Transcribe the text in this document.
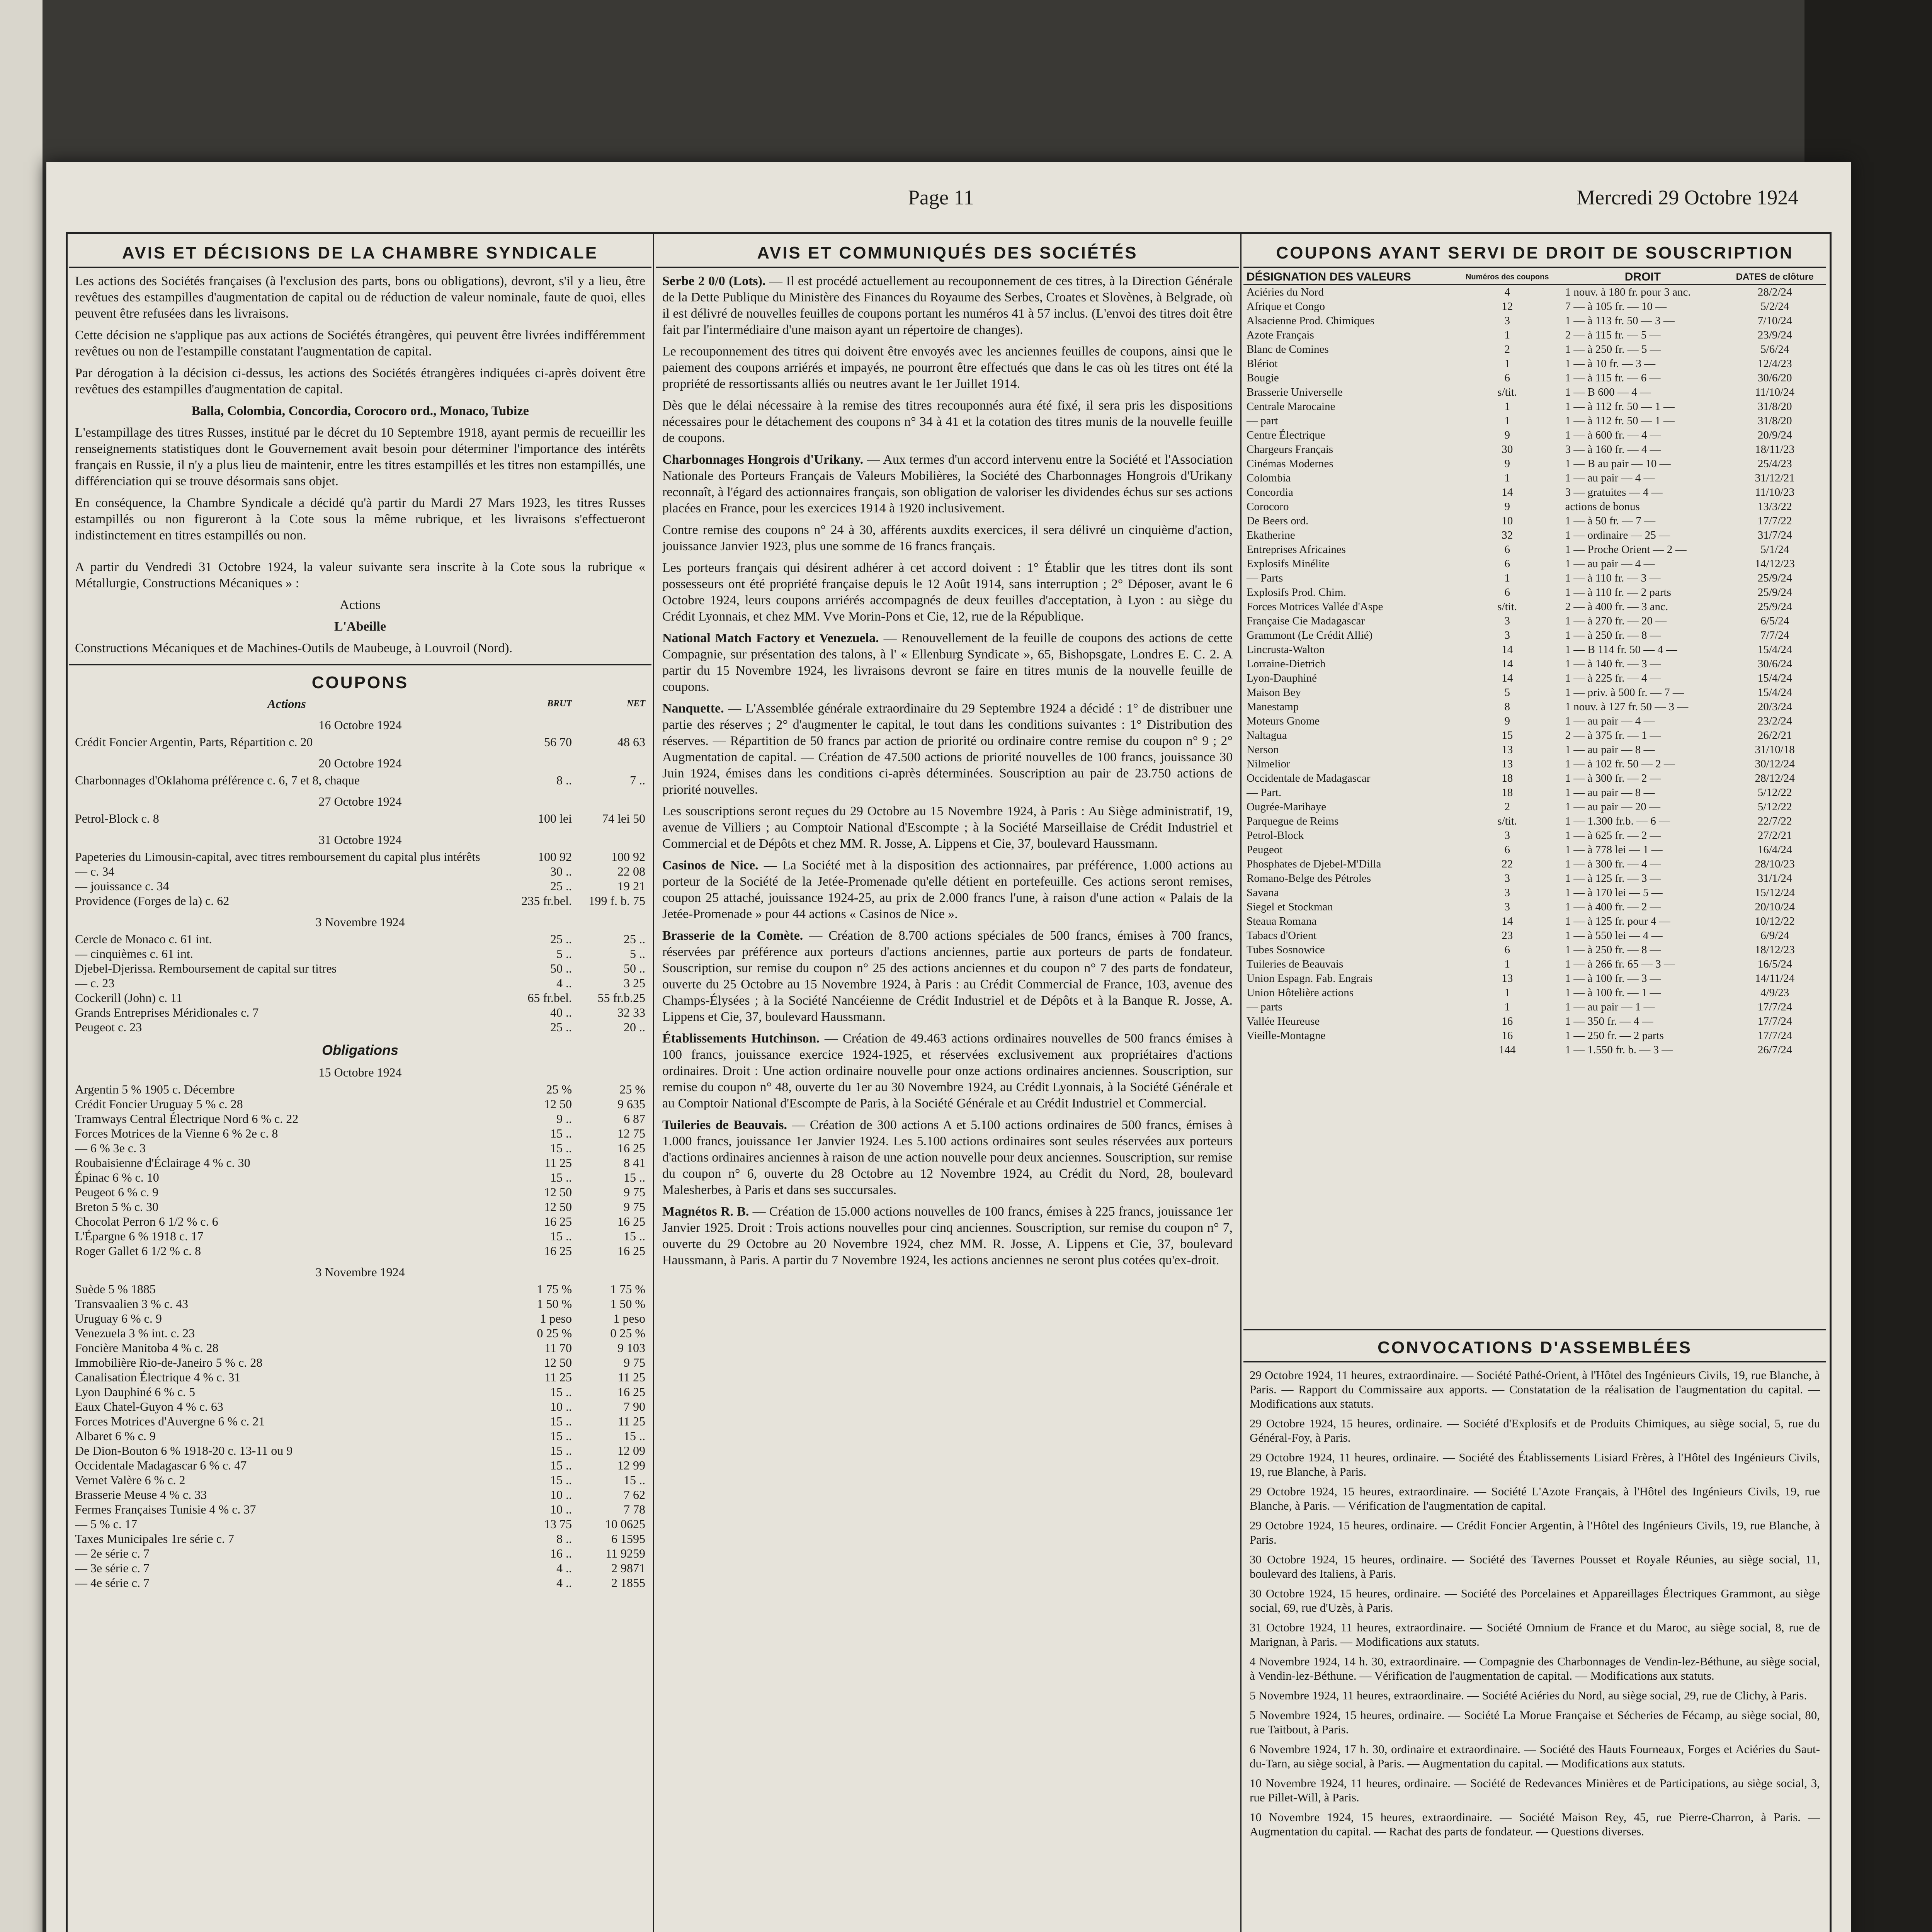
Page 11	Mercredi 29 Octobre 1924
AVIS ET DÉCISIONS DE LA CHAMBRE SYNDICALE
Les actions des Sociétés françaises (à l'exclusion des parts, bons ou obligations), devront, s'il y a lieu, être revêtues des estampilles d'augmentation de capital ou de réduction de valeur nominale, faute de quoi, elles peuvent être refusées dans les livraisons.
Cette décision ne s'applique pas aux actions de Sociétés étrangères, qui peuvent être livrées indifféremment revêtues ou non de l'estampille constatant l'augmentation de capital.
Par dérogation à la décision ci-dessus, les actions des Sociétés étrangères indiquées ci-après doivent être revêtues des estampilles d'augmentation de capital.
Balla, Colombia, Concordia, Corocoro ord., Monaco, Tubize
L'estampillage des titres Russes, institué par le décret du 10 Septembre 1918, ayant permis de recueillir les renseignements statistiques dont le Gouvernement avait besoin pour déterminer l'importance des intérêts français en Russie, il n'y a plus lieu de maintenir, entre les titres estampillés et les titres non estampillés, une différenciation qui se trouve désormais sans objet.
En conséquence, la Chambre Syndicale a décidé qu'à partir du Mardi 27 Mars 1923, les titres Russes estampillés ou non figureront à la Cote sous la même rubrique, et les livraisons s'effectueront indistinctement en titres estampillés ou non.
A partir du Vendredi 31 Octobre 1924, la valeur suivante sera inscrite à la Cote sous la rubrique « Métallurgie, Constructions Mécaniques » :
Actions
L'Abeille
Constructions Mécaniques et de Machines-Outils de Maubeuge, à Louvroil (Nord).
COUPONS
Actions	BRUT	NET
16 Octobre 1924
Crédit Foncier Argentin, Parts, Répartition c. 20	56 70	48 63
20 Octobre 1924
Charbonnages d'Oklahoma préférence c. 6, 7 et 8, chaque	8 ..	7 ..
27 Octobre 1924
Petrol-Block c. 8	100 lei	74 lei 50
31 Octobre 1924
Papeteries du Limousin-capital, avec titres remboursement du capital plus intérêts	100 92	100 92
— c. 34	30 ..	22 08
— jouissance c. 34	25 ..	19 21
Providence (Forges de la) c. 62	235 fr.bel.	199 f. b. 75
3 Novembre 1924
Cercle de Monaco c. 61 int.	25 ..	25 ..
— cinquièmes c. 61 int.	5 ..	5 ..
Djebel-Djerissa. Remboursement de capital sur titres	50 ..	50 ..
— c. 23	4 ..	3 25
Cockerill (John) c. 11	65 fr.bel.	55 fr.b.25
Grands Entreprises Méridionales c. 7	40 ..	32 33
Peugeot c. 23	25 ..	20 ..
Obligations
15 Octobre 1924
Argentin 5 % 1905 c. Décembre	25 %	25 %
Crédit Foncier Uruguay 5 % c. 28	12 50	9 635
Tramways Central Électrique Nord 6 % c. 22	9 ..	6 87
Forces Motrices de la Vienne 6 % 2e c. 8	15 ..	12 75
— 6 % 3e c. 3	15 ..	16 25
Roubaisienne d'Éclairage 4 % c. 30	11 25	8 41
Épinac 6 % c. 10	15 ..	15 ..
Peugeot 6 % c. 9	12 50	9 75
Breton 5 % c. 30	12 50	9 75
Chocolat Perron 6 1/2 % c. 6	16 25	16 25
L'Épargne 6 % 1918 c. 17	15 ..	15 ..
Roger Gallet 6 1/2 % c. 8	16 25	16 25
3 Novembre 1924
Suède 5 % 1885	1 75 %	1 75 %
Transvaalien 3 % c. 43	1 50 %	1 50 %
Uruguay 6 % c. 9	1 peso	1 peso
Venezuela 3 % int. c. 23	0 25 %	0 25 %
Foncière Manitoba 4 % c. 28	11 70	9 103
Immobilière Rio-de-Janeiro 5 % c. 28	12 50	9 75
Canalisation Électrique 4 % c. 31	11 25	11 25
Lyon Dauphiné 6 % c. 5	15 ..	16 25
Eaux Chatel-Guyon 4 % c. 63	10 ..	7 90
Forces Motrices d'Auvergne 6 % c. 21	15 ..	11 25
Albaret 6 % c. 9	15 ..	15 ..
De Dion-Bouton 6 % 1918-20 c. 13-11 ou 9	15 ..	12 09
Occidentale Madagascar 6 % c. 47	15 ..	12 99
Vernet Valère 6 % c. 2	15 ..	15 ..
Brasserie Meuse 4 % c. 33	10 ..	7 62
Fermes Françaises Tunisie 4 % c. 37	10 ..	7 78
— 5 % c. 17	13 75	10 0625
Taxes Municipales 1re série c. 7	8 ..	6 1595
— 2e série c. 7	16 ..	11 9259
— 3e série c. 7	4 ..	2 9871
— 4e série c. 7	4 ..	2 1855
AVIS ET COMMUNIQUÉS DES SOCIÉTÉS
Serbe 2 0/0 (Lots). — Il est procédé actuellement au recouponnement de ces titres, à la Direction Générale de la Dette Publique du Ministère des Finances du Royaume des Serbes, Croates et Slovènes, à Belgrade, où il est délivré de nouvelles feuilles de coupons portant les numéros 41 à 57 inclus. (L'envoi des titres doit être fait par l'intermédiaire d'une maison ayant un répertoire de changes).
Le recouponnement des titres qui doivent être envoyés avec les anciennes feuilles de coupons, ainsi que le paiement des coupons arriérés et impayés, ne pourront être effectués que dans le cas où les titres ont été la propriété de ressortissants alliés ou neutres avant le 1er Juillet 1914.
Dès que le délai nécessaire à la remise des titres recouponnés aura été fixé, il sera pris les dispositions nécessaires pour le détachement des coupons n° 34 à 41 et la cotation des titres munis de la nouvelle feuille de coupons.
Charbonnages Hongrois d'Urikany. — Aux termes d'un accord intervenu entre la Société et l'Association Nationale des Porteurs Français de Valeurs Mobilières, la Société des Charbonnages Hongrois d'Urikany reconnaît, à l'égard des actionnaires français, son obligation de valoriser les dividendes échus sur ses actions placées en France, pour les exercices 1914 à 1920 inclusivement.
Contre remise des coupons n° 24 à 30, afférents auxdits exercices, il sera délivré un cinquième d'action, jouissance Janvier 1923, plus une somme de 16 francs français.
Les porteurs français qui désirent adhérer à cet accord doivent : 1° Établir que les titres dont ils sont possesseurs ont été propriété française depuis le 12 Août 1914, sans interruption ; 2° Déposer, avant le 6 Octobre 1924, leurs coupons arriérés accompagnés de deux feuilles d'acceptation, à Lyon : au siège du Crédit Lyonnais, et chez MM. Vve Morin-Pons et Cie, 12, rue de la République.
National Match Factory et Venezuela. — Renouvellement de la feuille de coupons des actions de cette Compagnie, sur présentation des talons, à l' « Ellenburg Syndicate », 65, Bishopsgate, Londres E. C. 2. A partir du 15 Novembre 1924, les livraisons devront se faire en titres munis de la nouvelle feuille de coupons.
Nanquette. — L'Assemblée générale extraordinaire du 29 Septembre 1924 a décidé : 1° de distribuer une partie des réserves ; 2° d'augmenter le capital, le tout dans les conditions suivantes : 1° Distribution des réserves. — Répartition de 50 francs par action de priorité ou ordinaire contre remise du coupon n° 9 ; 2° Augmentation de capital. — Création de 47.500 actions de priorité nouvelles de 100 francs, jouissance 30 Juin 1924, émises dans les conditions ci-après déterminées. Souscription au pair de 23.750 actions de priorité nouvelles.
Les souscriptions seront reçues du 29 Octobre au 15 Novembre 1924, à Paris : Au Siège administratif, 19, avenue de Villiers ; au Comptoir National d'Escompte ; à la Société Marseillaise de Crédit Industriel et Commercial et de Dépôts et chez MM. R. Josse, A. Lippens et Cie, 37, boulevard Haussmann.
Casinos de Nice. — La Société met à la disposition des actionnaires, par préférence, 1.000 actions au porteur de la Société de la Jetée-Promenade qu'elle détient en portefeuille. Ces actions seront remises, coupon 25 attaché, jouissance 1924-25, au prix de 2.000 francs l'une, à raison d'une action « Palais de la Jetée-Promenade » pour 44 actions « Casinos de Nice ».
Brasserie de la Comète. — Création de 8.700 actions spéciales de 500 francs, émises à 700 francs, réservées par préférence aux porteurs d'actions anciennes, partie aux porteurs de parts de fondateur. Souscription, sur remise du coupon n° 25 des actions anciennes et du coupon n° 7 des parts de fondateur, ouverte du 25 Octobre au 15 Novembre 1924, à Paris : au Crédit Commercial de France, 103, avenue des Champs-Élysées ; à la Société Nancéienne de Crédit Industriel et de Dépôts et à la Banque R. Josse, A. Lippens et Cie, 37, boulevard Haussmann.
Établissements Hutchinson. — Création de 49.463 actions ordinaires nouvelles de 500 francs émises à 100 francs, jouissance exercice 1924-1925, et réservées exclusivement aux propriétaires d'actions ordinaires. Droit : Une action ordinaire nouvelle pour onze actions ordinaires anciennes. Souscription, sur remise du coupon n° 48, ouverte du 1er au 30 Novembre 1924, au Crédit Lyonnais, à la Société Générale et au Comptoir National d'Escompte de Paris, à la Société Générale et au Crédit Industriel et Commercial.
Tuileries de Beauvais. — Création de 300 actions A et 5.100 actions ordinaires de 500 francs, émises à 1.000 francs, jouissance 1er Janvier 1924. Les 5.100 actions ordinaires sont seules réservées aux porteurs d'actions ordinaires anciennes à raison de une action nouvelle pour deux anciennes. Souscription, sur remise du coupon n° 6, ouverte du 28 Octobre au 12 Novembre 1924, au Crédit du Nord, 28, boulevard Malesherbes, à Paris et dans ses succursales.
Magnétos R. B. — Création de 15.000 actions nouvelles de 100 francs, émises à 225 francs, jouissance 1er Janvier 1925. Droit : Trois actions nouvelles pour cinq anciennes. Souscription, sur remise du coupon n° 7, ouverte du 29 Octobre au 20 Novembre 1924, chez MM. R. Josse, A. Lippens et Cie, 37, boulevard Haussmann, à Paris. A partir du 7 Novembre 1924, les actions anciennes ne seront plus cotées qu'ex-droit.
COUPONS AYANT SERVI DE DROIT DE SOUSCRIPTION
DÉSIGNATION DES VALEURS	Numéros des coupons	DROIT	DATES de clôture
Aciéries du Nord	4	1 nouv. à 180 fr. pour 3 anc.	28/2/24
Afrique et Congo	12	7 — à 105 fr. — 10 —	5/2/24
Alsacienne Prod. Chimiques	3	1 — à 113 fr. 50 — 3 —	7/10/24
Azote Français	1	2 — à 115 fr. — 5 —	23/9/24
Blanc de Comines	2	1 — à 250 fr. — 5 —	5/6/24
Blériot	1	1 — à 10 fr. — 3 —	12/4/23
Bougie	6	1 — à 115 fr. — 6 —	30/6/20
Brasserie Universelle	s/tit.	1 — B 600 — 4 —	11/10/24
Centrale Marocaine	1	1 — à 112 fr. 50 — 1 —	31/8/20
— part	1	1 — à 112 fr. 50 — 1 —	31/8/20
Centre Électrique	9	1 — à 600 fr. — 4 —	20/9/24
Chargeurs Français	30	3 — à 160 fr. — 4 —	18/11/23
Cinémas Modernes	9	1 — B au pair — 10 —	25/4/23
Colombia	1	1 — au pair — 4 —	31/12/21
Concordia	14	3 — gratuites — 4 —	11/10/23
Corocoro	9	actions de bonus	13/3/22
De Beers ord.	10	1 — à 50 fr. — 7 —	17/7/22
Ekatherine	32	1 — ordinaire — 25 —	31/7/24
Entreprises Africaines	6	1 — Proche Orient — 2 —	5/1/24
Explosifs Minélite	6	1 — au pair — 4 —	14/12/23
— Parts	1	1 — à 110 fr. — 3 —	25/9/24
Explosifs Prod. Chim.	6	1 — à 110 fr. — 2 parts	25/9/24
Forces Motrices Vallée d'Aspe	s/tit.	2 — à 400 fr. — 3 anc.	25/9/24
Française Cie Madagascar	3	1 — à 270 fr. — 20 —	6/5/24
Grammont (Le Crédit Allié)	3	1 — à 250 fr. — 8 —	7/7/24
Lincrusta-Walton	14	1 — B 114 fr. 50 — 4 —	15/4/24
Lorraine-Dietrich	14	1 — à 140 fr. — 3 —	30/6/24
Lyon-Dauphiné	14	1 — à 225 fr. — 4 —	15/4/24
Maison Bey	5	1 — priv. à 500 fr. — 7 —	15/4/24
Manestamp	8	1 nouv. à 127 fr. 50 — 3 —	20/3/24
Moteurs Gnome	9	1 — au pair — 4 —	23/2/24
Naltagua	15	2 — à 375 fr. — 1 —	26/2/21
Nerson	13	1 — au pair — 8 —	31/10/18
Nilmelior	13	1 — à 102 fr. 50 — 2 —	30/12/24
Occidentale de Madagascar	18	1 — à 300 fr. — 2 —	28/12/24
— Part.	18	1 — au pair — 8 —	5/12/22
Ougrée-Marihaye	2	1 — au pair — 20 —	5/12/22
Parquegue de Reims	s/tit.	1 — 1.300 fr.b. — 6 —	22/7/22
Petrol-Block	3	1 — à 625 fr. — 2 —	27/2/21
Peugeot	6	1 — à 778 lei — 1 —	16/4/24
Phosphates de Djebel-M'Dilla	22	1 — à 300 fr. — 4 —	28/10/23
Romano-Belge des Pétroles	3	1 — à 125 fr. — 3 —	31/1/24
Savana	3	1 — à 170 lei — 5 —	15/12/24
Siegel et Stockman	3	1 — à 400 fr. — 2 —	20/10/24
Steaua Romana	14	1 — à 125 fr. pour 4 —	10/12/22
Tabacs d'Orient	23	1 — à 550 lei — 4 —	6/9/24
Tubes Sosnowice	6	1 — à 250 fr. — 8 —	18/12/23
Tuileries de Beauvais	1	1 — à 266 fr. 65 — 3 —	16/5/24
Union Espagn. Fab. Engrais	13	1 — à 100 fr. — 3 —	14/11/24
Union Hôtelière actions	1	1 — à 100 fr. — 1 —	4/9/23
— parts	1	1 — au pair — 1 —	17/7/24
Vallée Heureuse	16	1 — 350 fr. — 4 —	17/7/24
Vieille-Montagne	16	1 — 250 fr. — 2 parts	17/7/24
	144	1 — 1.550 fr. b. — 3 —	26/7/24
CONVOCATIONS D'ASSEMBLÉES
29 Octobre 1924, 11 heures, extraordinaire. — Société Pathé-Orient, à l'Hôtel des Ingénieurs Civils, 19, rue Blanche, à Paris. — Rapport du Commissaire aux apports. — Constatation de la réalisation de l'augmentation du capital. — Modifications aux statuts.
29 Octobre 1924, 15 heures, ordinaire. — Société d'Explosifs et de Produits Chimiques, au siège social, 5, rue du Général-Foy, à Paris.
29 Octobre 1924, 11 heures, ordinaire. — Société des Établissements Lisiard Frères, à l'Hôtel des Ingénieurs Civils, 19, rue Blanche, à Paris.
29 Octobre 1924, 15 heures, extraordinaire. — Société L'Azote Français, à l'Hôtel des Ingénieurs Civils, 19, rue Blanche, à Paris. — Vérification de l'augmentation de capital.
29 Octobre 1924, 15 heures, ordinaire. — Crédit Foncier Argentin, à l'Hôtel des Ingénieurs Civils, 19, rue Blanche, à Paris.
30 Octobre 1924, 15 heures, ordinaire. — Société des Tavernes Pousset et Royale Réunies, au siège social, 11, boulevard des Italiens, à Paris.
30 Octobre 1924, 15 heures, ordinaire. — Société des Porcelaines et Appareillages Électriques Grammont, au siège social, 69, rue d'Uzès, à Paris.
31 Octobre 1924, 11 heures, extraordinaire. — Société Omnium de France et du Maroc, au siège social, 8, rue de Marignan, à Paris. — Modifications aux statuts.
4 Novembre 1924, 14 h. 30, extraordinaire. — Compagnie des Charbonnages de Vendin-lez-Béthune, au siège social, à Vendin-lez-Béthune. — Vérification de l'augmentation de capital. — Modifications aux statuts.
5 Novembre 1924, 11 heures, extraordinaire. — Société Aciéries du Nord, au siège social, 29, rue de Clichy, à Paris.
5 Novembre 1924, 15 heures, ordinaire. — Société La Morue Française et Sécheries de Fécamp, au siège social, 80, rue Taitbout, à Paris.
6 Novembre 1924, 17 h. 30, ordinaire et extraordinaire. — Société des Hauts Fourneaux, Forges et Aciéries du Saut-du-Tarn, au siège social, à Paris. — Augmentation du capital. — Modifications aux statuts.
10 Novembre 1924, 11 heures, ordinaire. — Société de Redevances Minières et de Participations, au siège social, 3, rue Pillet-Will, à Paris.
10 Novembre 1924, 15 heures, extraordinaire. — Société Maison Rey, 45, rue Pierre-Charron, à Paris. — Augmentation du capital. — Rachat des parts de fondateur. — Questions diverses.
